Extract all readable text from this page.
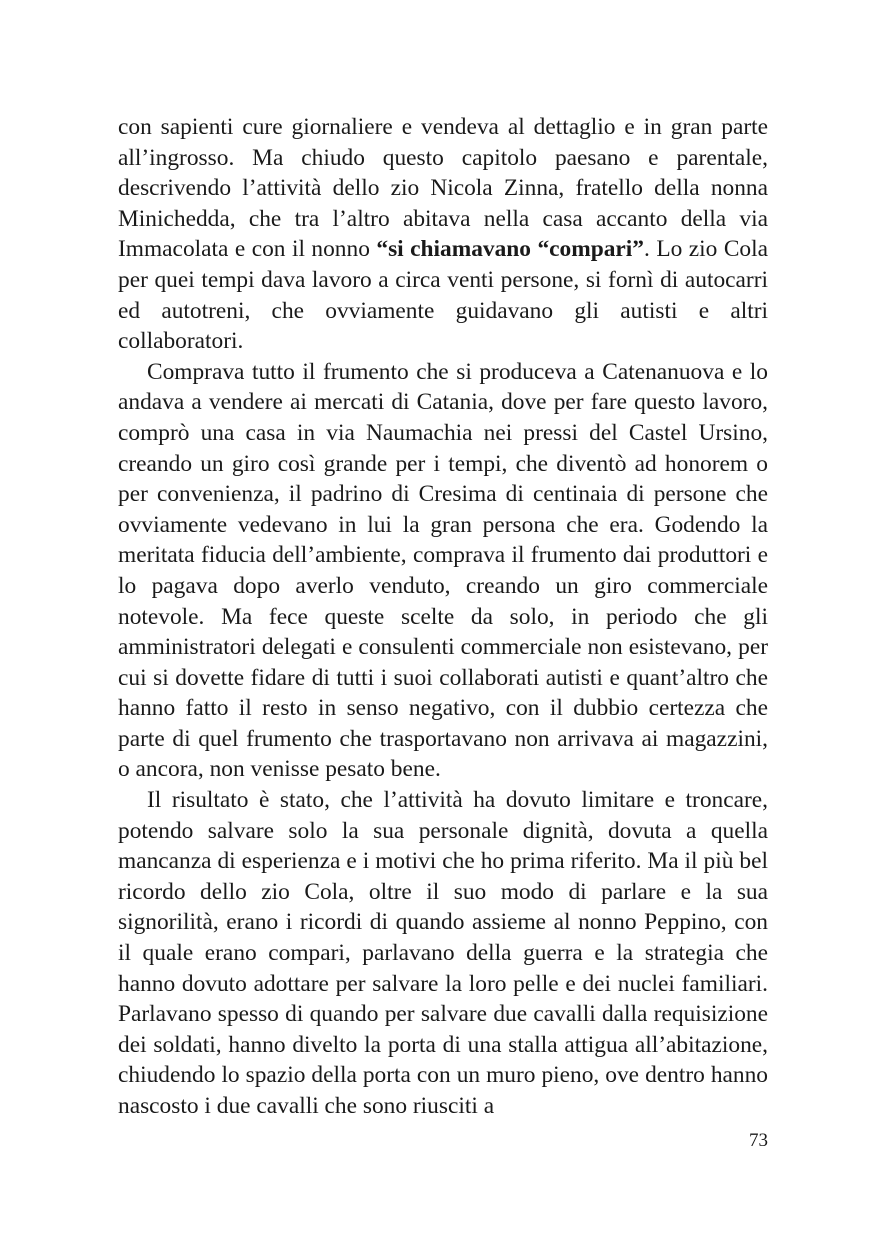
con sapienti cure giornaliere e vendeva al dettaglio e in gran parte all’ingrosso. Ma chiudo questo capitolo paesano e parentale, descrivendo l’attività dello zio Nicola Zinna, fratello della nonna Minichedda, che tra l’altro abitava nella casa accanto della via Immacolata e con il nonno “si chiamavano “compari”. Lo zio Cola per quei tempi dava lavoro a circa venti persone, si fornì di autocarri ed autotreni, che ovviamente guidavano gli autisti e altri collaboratori.

Comprava tutto il frumento che si produceva a Catenanuova e lo andava a vendere ai mercati di Catania, dove per fare questo lavoro, comprò una casa in via Naumachia nei pressi del Castel Ursino, creando un giro così grande per i tempi, che diventò ad honorem o per convenienza, il padrino di Cresima di centinaia di persone che ovviamente vedevano in lui la gran persona che era. Godendo la meritata fiducia dell’ambiente, comprava il frumento dai produttori e lo pagava dopo averlo venduto, creando un giro commerciale notevole. Ma fece queste scelte da solo, in periodo che gli amministratori delegati e consulenti commerciale non esistevano, per cui si dovette fidare di tutti i suoi collaborati autisti e quant’altro che hanno fatto il resto in senso negativo, con il dubbio certezza che parte di quel frumento che trasportavano non arrivava ai magazzini, o ancora, non venisse pesato bene.

Il risultato è stato, che l’attività ha dovuto limitare e troncare, potendo salvare solo la sua personale dignità, dovuta a quella mancanza di esperienza e i motivi che ho prima riferito. Ma il più bel ricordo dello zio Cola, oltre il suo modo di parlare e la sua signorilità, erano i ricordi di quando assieme al nonno Peppino, con il quale erano compari, parlavano della guerra e la strategia che hanno dovuto adottare per salvare la loro pelle e dei nuclei familiari. Parlavano spesso di quando per salvare due cavalli dalla requisizione dei soldati, hanno divelto la porta di una stalla attigua all’abitazione, chiudendo lo spazio della porta con un muro pieno, ove dentro hanno nascosto i due cavalli che sono riusciti a

73
